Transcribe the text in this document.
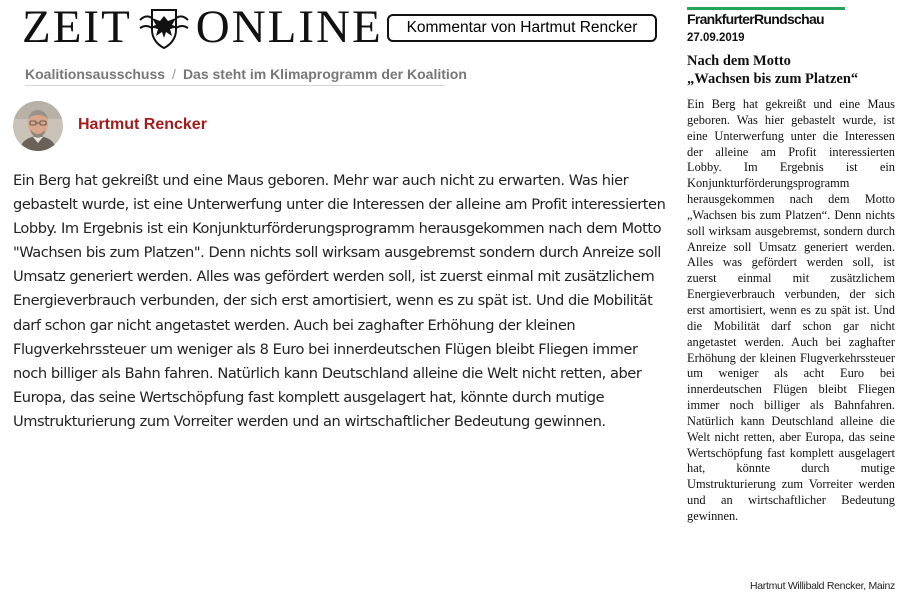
ZEIT ONLINE	Kommentar von Hartmut Rencker
Koalitionsausschuss / Das steht im Klimaprogramm der Koalition
Hartmut Rencker
Ein Berg hat gekreißt und eine Maus geboren. Mehr war auch nicht zu erwarten. Was hier gebastelt wurde, ist eine Unterwerfung unter die Interessen der alleine am Profit interessierten Lobby. Im Ergebnis ist ein Konjunkturförderungsprogramm herausgekommen nach dem Motto "Wachsen bis zum Platzen". Denn nichts soll wirksam ausgebremst sondern durch Anreize soll Umsatz generiert werden. Alles was gefördert werden soll, ist zuerst einmal mit zusätzlichem Energieverbrauch verbunden, der sich erst amortisiert, wenn es zu spät ist. Und die Mobilität darf schon gar nicht angetastet werden. Auch bei zaghafter Erhöhung der kleinen Flugverkehrssteuer um weniger als 8 Euro bei innerdeutschen Flügen bleibt Fliegen immer noch billiger als Bahn fahren. Natürlich kann Deutschland alleine die Welt nicht retten, aber Europa, das seine Wertschöpfung fast komplett ausgelagert hat, könnte durch mutige Umstrukturierung zum Vorreiter werden und an wirtschaftlicher Bedeutung gewinnen.
FrankfurterRundschau
27.09.2019
Nach dem Motto
„Wachsen bis zum Platzen“
Ein Berg hat gekreißt und eine Maus geboren. Was hier gebastelt wurde, ist eine Unterwerfung unter die Interessen der alleine am Profit interessierten Lobby. Im Ergebnis ist ein Konjunkturförderungsprogramm herausgekommen nach dem Motto „Wachsen bis zum Platzen“. Denn nichts soll wirksam ausgebremst, sondern durch Anreize soll Umsatz generiert werden. Alles was gefördert werden soll, ist zuerst einmal mit zusätzlichem Energieverbrauch verbunden, der sich erst amortisiert, wenn es zu spät ist. Und die Mobilität darf schon gar nicht angetastet werden. Auch bei zaghafter Erhöhung der kleinen Flugverkehrssteuer um weniger als acht Euro bei innerdeutschen Flügen bleibt Fliegen immer noch billiger als Bahnfahren. Natürlich kann Deutschland alleine die Welt nicht retten, aber Europa, das seine Wertschöpfung fast komplett ausgelagert hat, könnte durch mutige Umstrukturierung zum Vorreiter werden und an wirtschaftlicher Bedeutung gewinnen.
Hartmut Willibald Rencker, Mainz
